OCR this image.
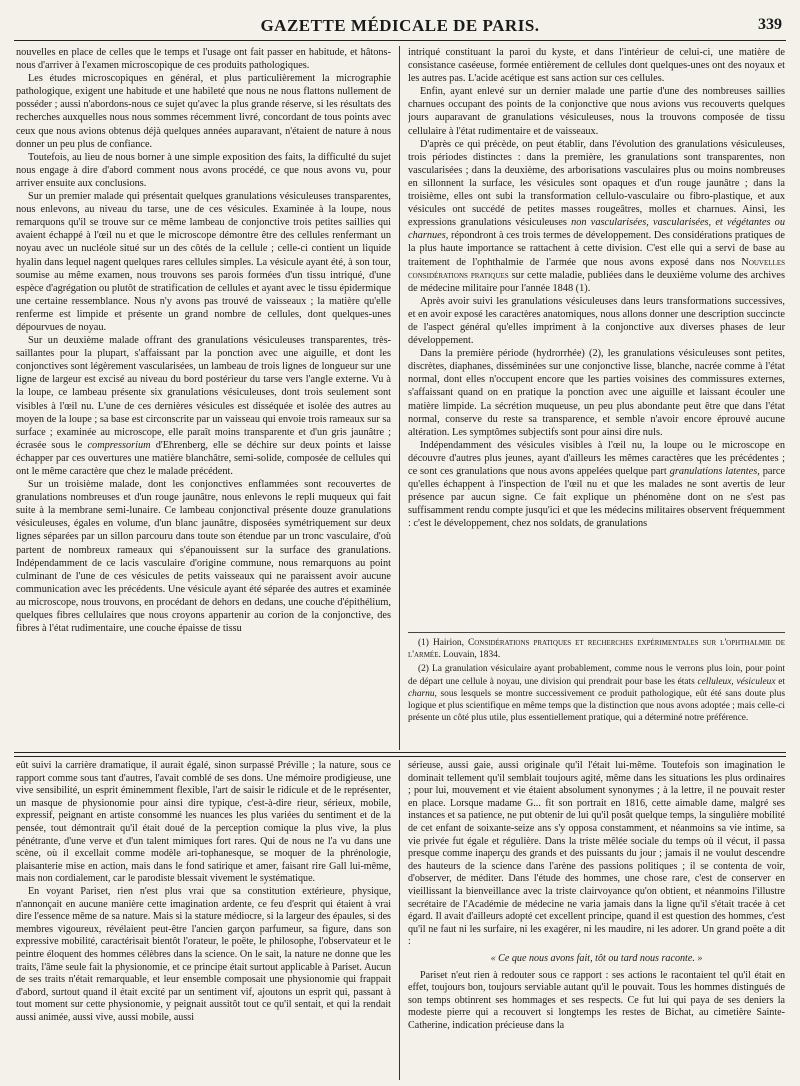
GAZETTE MÉDICALE DE PARIS.	339

nouvelles en place de celles que le temps et l'usage ont fait passer en habitude, et hâtons-nous d'arriver à l'examen microscopique de ces produits pathologiques.

Les études microscopiques en général, et plus particulièrement la micrographie pathologique, exigent une habitude et une habileté que nous ne nous flattons nullement de posséder ; aussi n'abordons-nous ce sujet qu'avec la plus grande réserve, si les résultats des recherches auxquelles nous nous sommes récemment livré, concordant de tous points avec ceux que nous avions obtenus déjà quelques années auparavant, n'étaient de nature à nous donner un peu plus de confiance.

Toutefois, au lieu de nous borner à une simple exposition des faits, la difficulté du sujet nous engage à dire d'abord comment nous avons procédé, ce que nous avons vu, pour arriver ensuite aux conclusions.

Sur un premier malade qui présentait quelques granulations vésiculeuses transparentes, nous enlevons, au niveau du tarse, une de ces vésicules. Examinée à la loupe, nous remarquons qu'il se trouve sur ce même lambeau de conjonctive trois petites saillies qui avaient échappé à l'œil nu et que le microscope démontre être des cellules renfermant un noyau avec un nucléole situé sur un des côtés de la cellule ; celle-ci contient un liquide hyalin dans lequel nagent quelques rares cellules simples. La vésicule ayant été, à son tour, soumise au même examen, nous trouvons ses parois formées d'un tissu intriqué, d'une espèce d'agrégation ou plutôt de stratification de cellules et ayant avec le tissu épidermique une certaine ressemblance. Nous n'y avons pas trouvé de vaisseaux ; la matière qu'elle renferme est limpide et présente un grand nombre de cellules, dont quelques-unes dépourvues de noyau.

Sur un deuxième malade offrant des granulations vésiculeuses transparentes, très-saillantes pour la plupart, s'affaissant par la ponction avec une aiguille, et dont les conjonctives sont légèrement vascularisées, un lambeau de trois lignes de longueur sur une ligne de largeur est excisé au niveau du bord postérieur du tarse vers l'angle externe. Vu à la loupe, ce lambeau présente six granulations vésiculeuses, dont trois seulement sont visibles à l'œil nu. L'une de ces dernières vésicules est disséquée et isolée des autres au moyen de la loupe ; sa base est circonscrite par un vaisseau qui envoie trois rameaux sur sa surface ; examinée au microscope, elle paraît moins transparente et d'un gris jaunâtre ; écrasée sous le compressorium d'Ehrenberg, elle se déchire sur deux points et laisse échapper par ces ouvertures une matière blanchâtre, semi-solide, composée de cellules qui ont le même caractère que chez le malade précédent.

Sur un troisième malade, dont les conjonctives enflammées sont recouvertes de granulations nombreuses et d'un rouge jaunâtre, nous enlevons le repli muqueux qui fait suite à la membrane semi-lunaire. Ce lambeau conjonctival présente douze granulations vésiculeuses, égales en volume, d'un blanc jaunâtre, disposées symétriquement sur deux lignes séparées par un sillon parcouru dans toute son étendue par un tronc vasculaire, d'où partent de nombreux rameaux qui s'épanouissent sur la surface des granulations. Indépendamment de ce lacis vasculaire d'origine commune, nous remarquons au point culminant de l'une de ces vésicules de petits vaisseaux qui ne paraissent avoir aucune communication avec les précédents. Une vésicule ayant été séparée des autres et examinée au microscope, nous trouvons, en procédant de dehors en dedans, une couche d'épithélium, quelques fibres cellulaires que nous croyons appartenir au corion de la conjonctive, des fibres à l'état rudimentaire, une couche épaisse de tissu

intriqué constituant la paroi du kyste, et dans l'intérieur de celui-ci, une matière de consistance caséeuse, formée entièrement de cellules dont quelques-unes ont des noyaux et les autres pas. L'acide acétique est sans action sur ces cellules.

Enfin, ayant enlevé sur un dernier malade une partie d'une des nombreuses saillies charnues occupant des points de la conjonctive que nous avions vus recouverts quelques jours auparavant de granulations vésiculeuses, nous la trouvons composée de tissu cellulaire à l'état rudimentaire et de vaisseaux.

D'après ce qui précède, on peut établir, dans l'évolution des granulations vésiculeuses, trois périodes distinctes : dans la première, les granulations sont transparentes, non vascularisées ; dans la deuxième, des arborisations vasculaires plus ou moins nombreuses en sillonnent la surface, les vésicules sont opaques et d'un rouge jaunâtre ; dans la troisième, elles ont subi la transformation cellulo-vasculaire ou fibro-plastique, et aux vésicules ont succédé de petites masses rougeâtres, molles et charnues. Ainsi, les expressions granulations vésiculeuses non vascularisées, vascularisées, et végétantes ou charnues, répondront à ces trois termes de développement. Des considérations pratiques de la plus haute importance se rattachent à cette division. C'est elle qui a servi de base au traitement de l'ophthalmie de l'armée que nous avons exposé dans nos Nouvelles considérations pratiques sur cette maladie, publiées dans le deuxième volume des archives de médecine militaire pour l'année 1848 (1).

Après avoir suivi les granulations vésiculeuses dans leurs transformations successives, et en avoir exposé les caractères anatomiques, nous allons donner une description succincte de l'aspect général qu'elles impriment à la conjonctive aux diverses phases de leur développement.

Dans la première période (hydrorrhée) (2), les granulations vésiculeuses sont petites, discrètes, diaphanes, disséminées sur une conjonctive lisse, blanche, nacrée comme à l'état normal, dont elles n'occupent encore que les parties voisines des commissures externes, s'affaissant quand on en pratique la ponction avec une aiguille et laissant écouler une matière limpide. La sécrétion muqueuse, un peu plus abondante peut être que dans l'état normal, conserve du reste sa transparence, et semble n'avoir encore éprouvé aucune altération. Les symptômes subjectifs sont pour ainsi dire nuls.

Indépendamment des vésicules visibles à l'œil nu, la loupe ou le microscope en découvre d'autres plus jeunes, ayant d'ailleurs les mêmes caractères que les précédentes ; ce sont ces granulations que nous avons appelées quelque part granulations latentes, parce qu'elles échappent à l'inspection de l'œil nu et que les malades ne sont avertis de leur présence par aucun signe. Ce fait explique un phénomène dont on ne s'est pas suffisamment rendu compte jusqu'ici et que les médecins militaires observent fréquemment : c'est le développement, chez nos soldats, de granulations

(1) Hairion, Considérations pratiques et recherches expérimentales sur l'ophthalmie de l'armée. Louvain, 1834.

(2) La granulation vésiculaire ayant probablement, comme nous le verrons plus loin, pour point de départ une cellule à noyau, une division qui prendrait pour base les états celluleux, vésiculeux et charnu, sous lesquels se montre successivement ce produit pathologique, eût été sans doute plus logique et plus scientifique en même temps que la distinction que nous avons adoptée ; mais celle-ci présente un côté plus utile, plus essentiellement pratique, qui a déterminé notre préférence.

eût suivi la carrière dramatique, il aurait égalé, sinon surpassé Préville ; la nature, sous ce rapport comme sous tant d'autres, l'avait comblé de ses dons. Une mémoire prodigieuse, une vive sensibilité, un esprit éminemment flexible, l'art de saisir le ridicule et de le représenter, un masque de physionomie pour ainsi dire typique, c'est-à-dire rieur, sérieux, mobile, expressif, peignant en artiste consommé les nuances les plus variées du sentiment et de la pensée, tout démontrait qu'il était doué de la perception comique la plus vive, la plus pénétrante, d'une verve et d'un talent mimiques fort rares. Qui de nous ne l'a vu dans une scène, où il excellait comme modèle ari-tophanesque, se moquer de la phrénologie, plaisanterie mise en action, mais dans le fond satirique et amer, faisant rire Gall lui-même, mais non cordialement, car le parodiste blessait vivement le systématique.

En voyant Pariset, rien n'est plus vrai que sa constitution extérieure, physique, n'annonçait en aucune manière cette imagination ardente, ce feu d'esprit qui étaient à vrai dire l'essence même de sa nature. Mais si la stature médiocre, si la largeur des épaules, si des membres vigoureux, révélaient peut-être l'ancien garçon parfumeur, sa figure, dans son expressive mobilité, caractérisait bientôt l'orateur, le poëte, le philosophe, l'observateur et le peintre éloquent des hommes célèbres dans la science. On le sait, la nature ne donne que les traits, l'âme seule fait la physionomie, et ce principe était surtout applicable à Pariset. Aucun de ses traits n'était remarquable, et leur ensemble composait une physionomie qui frappait d'abord, surtout quand il était excité par un sentiment vif, ajoutons un esprit qui, passant à tout moment sur cette physionomie, y peignait aussitôt tout ce qu'il sentait, et qui la rendait aussi animée, aussi vive, aussi mobile, aussi

sérieuse, aussi gaie, aussi originale qu'il l'était lui-même. Toutefois son imagination le dominait tellement qu'il semblait toujours agité, même dans les situations les plus ordinaires ; pour lui, mouvement et vie étaient absolument synonymes ; à la lettre, il ne pouvait rester en place. Lorsque madame G... fit son portrait en 1816, cette aimable dame, malgré ses instances et sa patience, ne put obtenir de lui qu'il posât quelque temps, la singulière mobilité de cet enfant de soixante-seize ans s'y opposa constamment, et néanmoins sa vie intime, sa vie privée fut égale et régulière. Dans la triste mêlée sociale du temps où il vécut, il passa presque comme inaperçu des grands et des puissants du jour ; jamais il ne voulut descendre des hauteurs de la science dans l'arène des passions politiques ; il se contenta de voir, d'observer, de méditer. Dans l'étude des hommes, une chose rare, c'est de conserver en vieillissant la bienveillance avec la triste clairvoyance qu'on obtient, et néanmoins l'illustre secrétaire de l'Académie de médecine ne varia jamais dans la ligne qu'il s'était tracée à cet égard. Il avait d'ailleurs adopté cet excellent principe, quand il est question des hommes, c'est qu'il ne faut ni les surfaire, ni les exagérer, ni les maudire, ni les adorer. Un grand poëte a dit :

« Ce que nous avons fait, tôt ou tard nous raconte. »

Pariset n'eut rien à redouter sous ce rapport : ses actions le racontaient tel qu'il était en effet, toujours bon, toujours serviable autant qu'il le pouvait. Tous les hommes distingués de son temps obtinrent ses hommages et ses respects. Ce fut lui qui paya de ses deniers la modeste pierre qui a recouvert si longtemps les restes de Bichat, au cimetière Sainte-Catherine, indication précieuse dans la
